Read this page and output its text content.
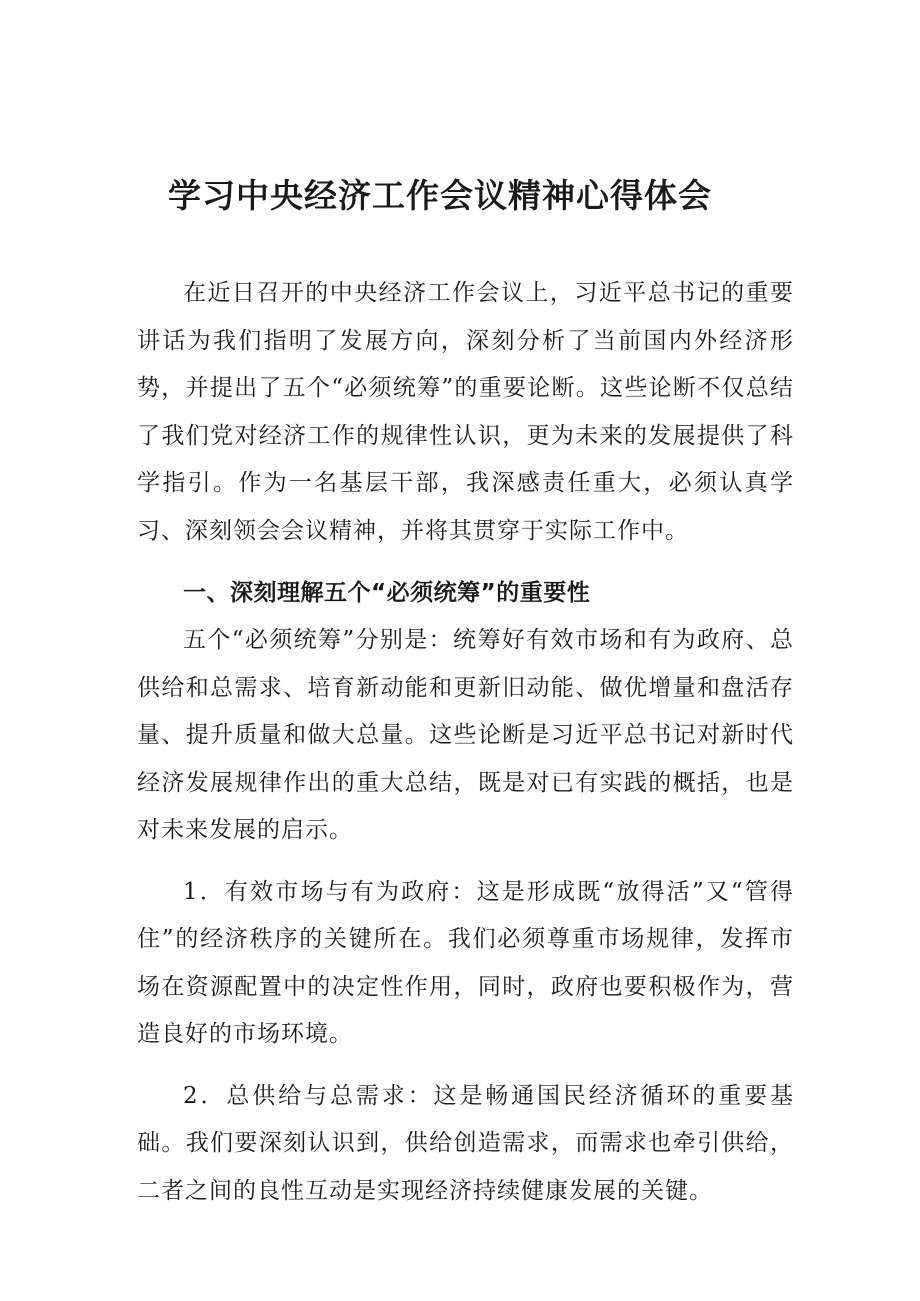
学习中央经济工作会议精神心得体会

在近日召开的中央经济工作会议上，习近平总书记的重要讲话为我们指明了发展方向，深刻分析了当前国内外经济形势，并提出了五个“必须统筹”的重要论断。这些论断不仅总结了我们党对经济工作的规律性认识，更为未来的发展提供了科学指引。作为一名基层干部，我深感责任重大，必须认真学习、深刻领会会议精神，并将其贯穿于实际工作中。

一、深刻理解五个“必须统筹”的重要性

五个“必须统筹”分别是：统筹好有效市场和有为政府、总供给和总需求、培育新动能和更新旧动能、做优增量和盘活存量、提升质量和做大总量。这些论断是习近平总书记对新时代经济发展规律作出的重大总结，既是对已有实践的概括，也是对未来发展的启示。

1．有效市场与有为政府：这是形成既“放得活”又“管得住”的经济秩序的关键所在。我们必须尊重市场规律，发挥市场在资源配置中的决定性作用，同时，政府也要积极作为，营造良好的市场环境。

2．总供给与总需求：这是畅通国民经济循环的重要基础。我们要深刻认识到，供给创造需求，而需求也牵引供给，二者之间的良性互动是实现经济持续健康发展的关键。
